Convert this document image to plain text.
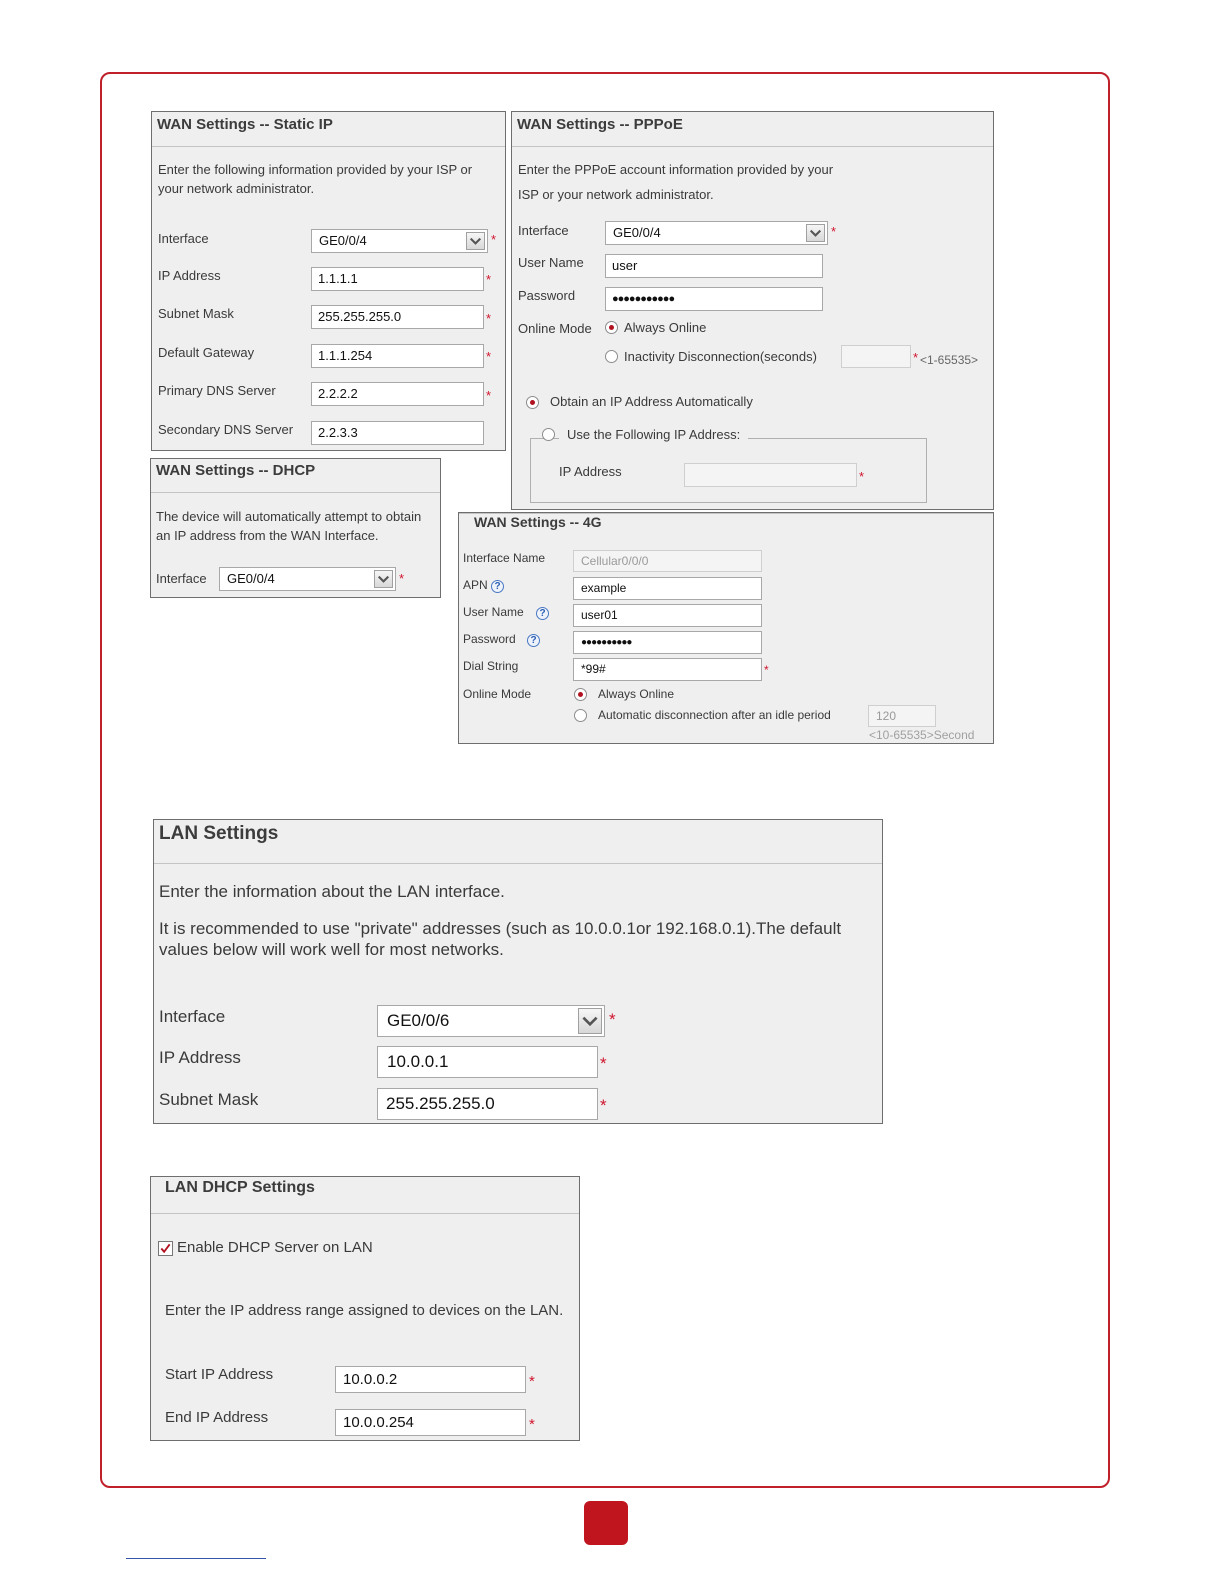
WAN Settings -- Static IP
Enter the following information provided by your ISP or
your network administrator.
Interface	GE0/0/4	*
IP Address	1.1.1.1	*
Subnet Mask	255.255.255.0	*
Default Gateway	1.1.1.254	*
Primary DNS Server	2.2.2.2	*
Secondary DNS Server	2.2.3.3
WAN Settings -- PPPoE
Enter the PPPoE account information provided by your
ISP or your network administrator.
Interface	GE0/0/4	*
User Name	user
Password	●●●●●●●●●●●
Online Mode Always Online
Inactivity Disconnection(seconds)	* <1-65535>
Obtain an IP Address Automatically
Use the Following IP Address:
IP Address	*
WAN Settings -- DHCP
The device will automatically attempt to obtain
an IP address from the WAN Interface.
Interface	GE0/0/4	*
WAN Settings -- 4G
Interface Name	Cellular0/0/0
APN ?	example
User Name	?	user01
Password	?	●●●●●●●●●●
Dial String	*99#	*
Online Mode	Always Online
Automatic disconnection after an idle period	120
<10-65535>Second
LAN Settings
Enter the information about the LAN interface.
It is recommended to use "private" addresses (such as 10.0.0.1or 192.168.0.1).The default
values below will work well for most networks.
Interface	GE0/0/6	*
IP Address	10.0.0.1	*
Subnet Mask	255.255.255.0	*
LAN DHCP Settings
Enable DHCP Server on LAN
Enter the IP address range assigned to devices on the LAN.
Start IP Address	10.0.0.2	*
End IP Address	10.0.0.254	*
